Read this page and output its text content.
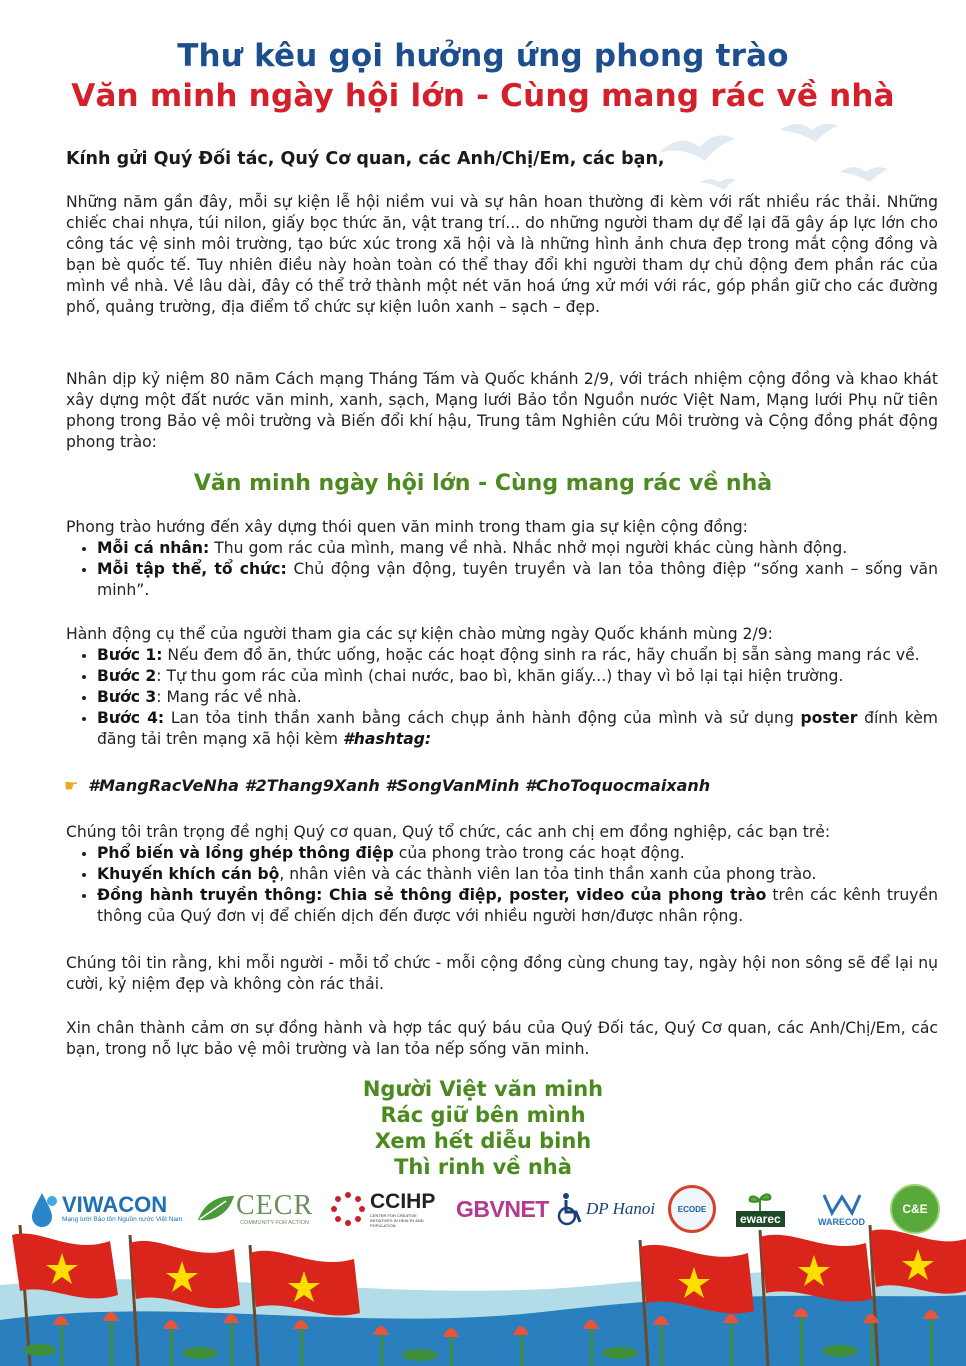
Thư kêu gọi hưởng ứng phong trào
Văn minh ngày hội lớn - Cùng mang rác về nhà
Kính gửi Quý Đối tác, Quý Cơ quan, các Anh/Chị/Em, các bạn,
Những năm gần đây, mỗi sự kiện lễ hội niềm vui và sự hân hoan thường đi kèm với rất nhiều rác thải. Những chiếc chai nhựa, túi nilon, giấy bọc thức ăn, vật trang trí... do những người tham dự để lại đã gây áp lực lớn cho công tác vệ sinh môi trường, tạo bức xúc trong xã hội và là những hình ảnh chưa đẹp trong mắt cộng đồng và bạn bè quốc tế. Tuy nhiên điều này hoàn toàn có thể thay đổi khi người tham dự chủ động đem phần rác của mình về nhà. Về lâu dài, đây có thể trở thành một nét văn hoá ứng xử mới với rác, góp phần giữ cho các đường phố, quảng trường, địa điểm tổ chức sự kiện luôn xanh – sạch – đẹp.
Nhân dịp kỷ niệm 80 năm Cách mạng Tháng Tám và Quốc khánh 2/9, với trách nhiệm cộng đồng và khao khát xây dựng một đất nước văn minh, xanh, sạch, Mạng lưới Bảo tồn Nguồn nước Việt Nam, Mạng lưới Phụ nữ tiên phong trong Bảo vệ môi trường và Biến đổi khí hậu, Trung tâm Nghiên cứu Môi trường và Cộng đồng phát động phong trào:
Văn minh ngày hội lớn - Cùng mang rác về nhà
Phong trào hướng đến xây dựng thói quen văn minh trong tham gia sự kiện cộng đồng:
• Mỗi cá nhân: Thu gom rác của mình, mang về nhà. Nhắc nhở mọi người khác cùng hành động.
• Mỗi tập thể, tổ chức: Chủ động vận động, tuyên truyền và lan tỏa thông điệp “sống xanh – sống văn minh”.
Hành động cụ thể của người tham gia các sự kiện chào mừng ngày Quốc khánh mùng 2/9:
• Bước 1: Nếu đem đồ ăn, thức uống, hoặc các hoạt động sinh ra rác, hãy chuẩn bị sẵn sàng mang rác về.
• Bước 2: Tự thu gom rác của mình (chai nước, bao bì, khăn giấy...) thay vì bỏ lại tại hiện trường.
• Bước 3: Mang rác về nhà.
• Bước 4: Lan tỏa tinh thần xanh bằng cách chụp ảnh hành động của mình và sử dụng poster đính kèm đăng tải trên mạng xã hội kèm #hashtag:
☛ #MangRacVeNha #2Thang9Xanh #SongVanMinh #ChoToquocmaixanh
Chúng tôi trân trọng đề nghị Quý cơ quan, Quý tổ chức, các anh chị em đồng nghiệp, các bạn trẻ:
• Phổ biến và lồng ghép thông điệp của phong trào trong các hoạt động.
• Khuyến khích cán bộ, nhân viên và các thành viên lan tỏa tinh thần xanh của phong trào.
• Đồng hành truyền thông: Chia sẻ thông điệp, poster, video của phong trào trên các kênh truyền thông của Quý đơn vị để chiến dịch đến được với nhiều người hơn/được nhân rộng.
Chúng tôi tin rằng, khi mỗi người - mỗi tổ chức - mỗi cộng đồng cùng chung tay, ngày hội non sông sẽ để lại nụ cười, kỷ niệm đẹp và không còn rác thải.
Xin chân thành cảm ơn sự đồng hành và hợp tác quý báu của Quý Đối tác, Quý Cơ quan, các Anh/Chị/Em, các bạn, trong nỗ lực bảo vệ môi trường và lan tỏa nếp sống văn minh.
Người Việt văn minh
Rác giữ bên mình
Xem hết diễu binh
Thì rinh về nhà
VIWACON
Mạng lưới Bảo tồn Nguồn nước Việt Nam CECR
COMMUNITY FOR ACTION
CCIHP
CENTER FOR CREATIVE INITIATIVES IN HEALTH AND POPULATION
GBVNET DP Hanoi	ECODE
ewarec	WARECOD
C&E
